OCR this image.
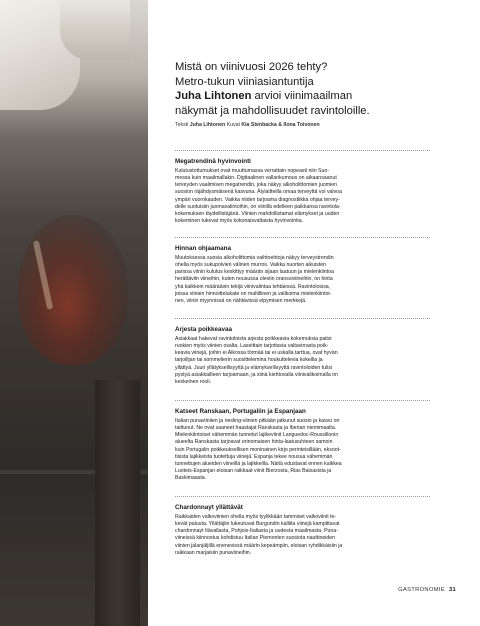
Mistä on viinivuosi 2026 tehty?
Metro-tukun viiniasiantuntija
Juha Lihtonen arvioi viinimaailman
näkymät ja mahdollisuudet ravintoloille.
Teksti Juha Lihtonen Kuvat Kia Stenbacka & Ilona Toivonen
Megatrendinä hyvinvointi

Kulutustottumukset ovat muuttumassa verrattain nopeasti niin Suo-
messa kuin maailmallakin. Digitaalinen vallankumous on aikaansaanut
terveyden vaalimisen megatrendin, joka näkyy alkoholittomien juomien
suosion räjähdysmäisenä kasvuna. Älylaitteilla omaa terveyttä voi valvoa
ympäri vuorokauden. Vaikka niiden tarjoama diagnostiikka ohjaa tervey-
delle suotuisiin juomavalintoihin, on viinillä edelleen paikkansa ravintola-
kokemuksen täydellistäjänä. Viinien mahdollistamat elämykset ja uuden
kokeminen tukevat myös kokonaisvaltaista hyvinvointia.

Hinnan ohjaamana

Muutoksessa suosia alkoholittomia vaihtoehtoja näkyy terveystrendin
ohella myös sukupolvien välinen murros. Vaikka nuorten aikuisten
parissa viinin kulutus keskittyy määrän sijaan laatuun ja mielenkiintoa
herättäviin viineihin, kuten nousussa oleviin oranssiviineihin, on hinta
yhä kaikkein määräävin tekijä viinivalintaa tehtäessä. Ravintoloissa,
joissa viinien hinnoittelukate on maltillinen ja valikoima mielenkiintoi-
nen, viinin myynnissä on nähtävissä elpymisen merkkejä.

Arjesta poikkeavaa

Asiakkaat hakevat ravintoloista arjesta poikkeavia kokemuksia paitsi
ruokien myös viinien osalta. Laseittain tarjottavia valtavirrasta poik-
keavia viinejä, joihin ei Alkossa törmää tai ei uskalla tarttua, ovat hyvän
tarjoilijan tai sommelierin suosittelemina houkuttelevia kokeilla ja
yllättyä. Juuri yllätyksellisyyttä ja elämyksellisyyttä ravintoloiden tulisi
pystyä asiakkailleen tarjoamaan, ja siinä kiehtovalla viinivalikoimalla on
keskeinen rooli.

Katseet Ranskaan, Portugaliin ja Espanjaan

Italian punaviiniien ja riesling-viinien pitkään jatkunut suosio ja kasvu on
taittunut. Ne ovat saaneet haastajat Ranskasta ja Iberian niemimaalta.
Mielenkiintoiset vähemmän tunnetut lajikeviinit Languedoc-Roussillonin
alueelta Ranskasta tarjoavat erinomaisen hinta-laatusuhteen samoin
kuin Portugalin poikkeuksellisen moninainen kirjo perinteisillään, eksoot-
tisista lajikkeista tuotettuja viinejä. Espanja tekee nousua vähemmän
tunnettujen alueiden viineillä ja lajikkeilla. Näitä edustavat ennen kaikkea
Luoteis-Espanjan eloisan raikkaat viinit Bierzosta, Rias Baixasista ja
Baskimaasta.

Chardonnayt yllättävät

Raikkaiden valkoviinien ohella myös tyylikkään tammiset valkoviinit te-
kevät paluuta. Yllättäjiin lukeutuvat Burgundin kalliita viinejä kampittavat
chardonnayt Itävallasta, Pohjois-Italiasta ja uudesta maailmasta. Puna-
viineissä kiinnostus kohdistuu Italian Piemonten suosiota nauttineiden
viinien jalanjäljillä enenevissä määrin kepeämpiin, eloisan ryhdikkäisiin ja
raikkaan marjaisiin punaviineihin.

GASTRONOMIE 31
